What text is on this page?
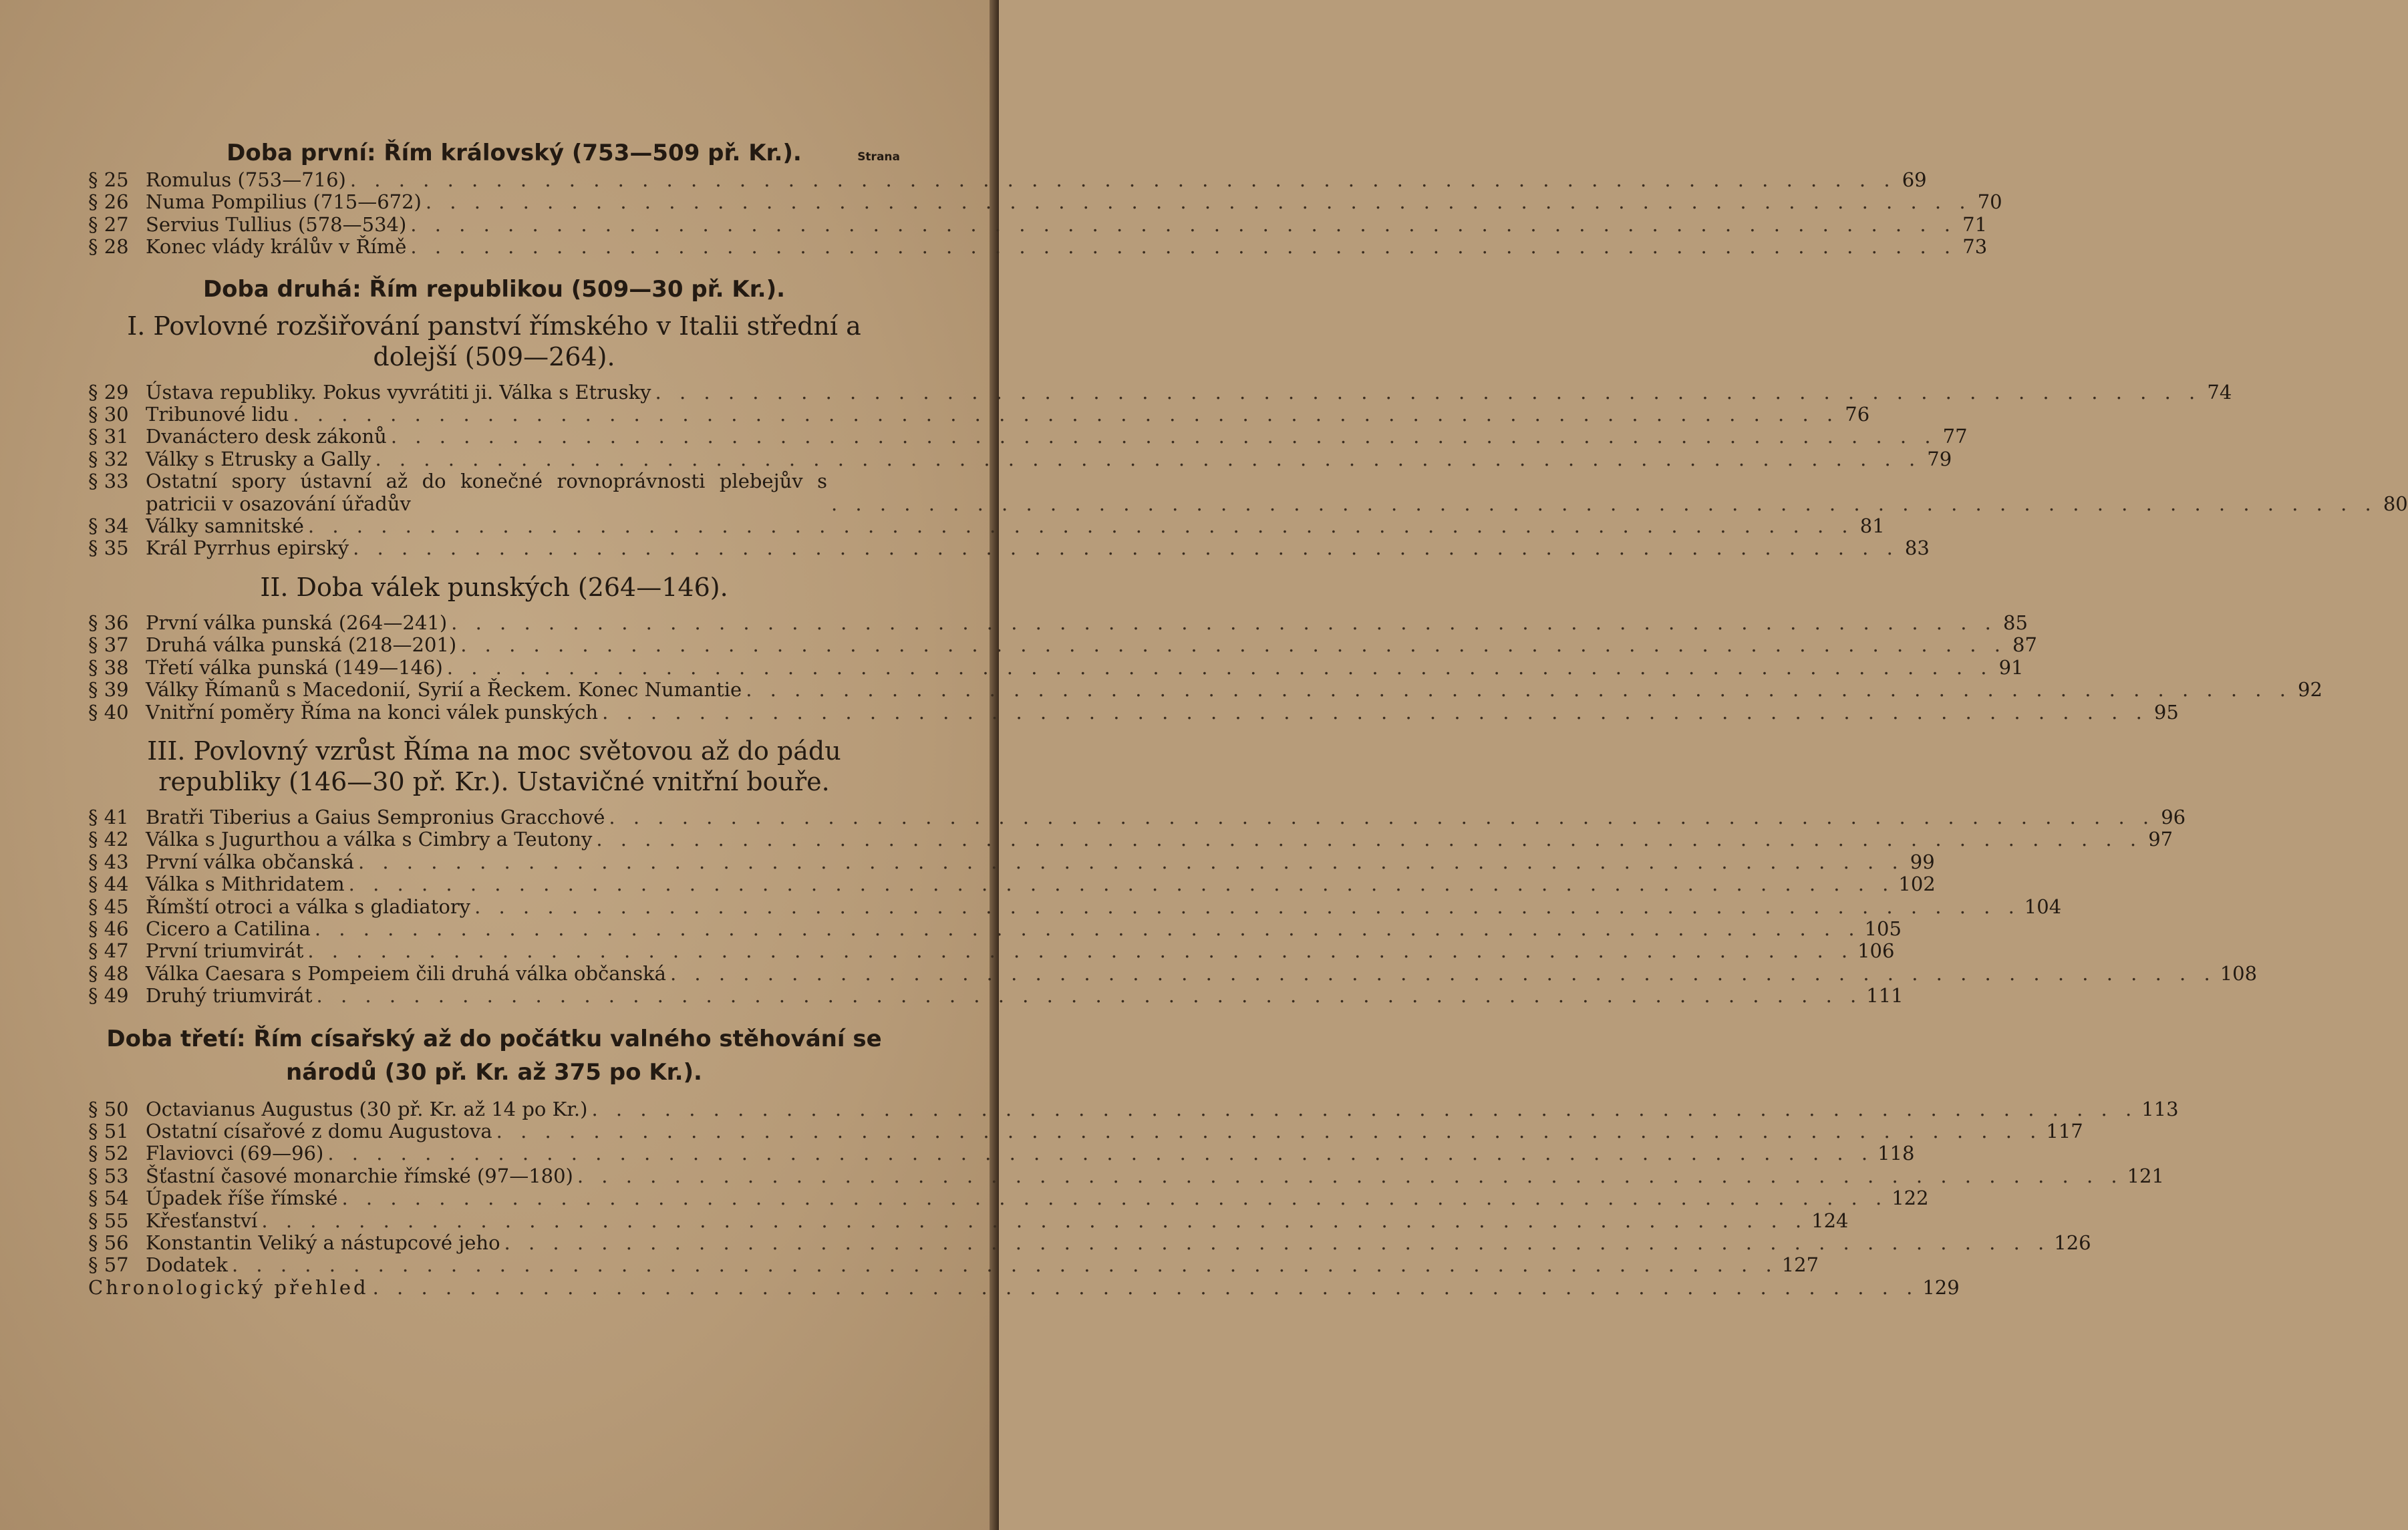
Doba první: Řím královský (753—509 př. Kr.).	Strana
§ 25 Romulus (753—716) . . .	69
§ 26 Numa Pompilius (715—672) . . .	70
§ 27 Servius Tullius (578—534) . . .	71
§ 28 Konec vlády králův v Římě . . .	73
Doba druhá: Řím republikou (509—30 př. Kr.).
I. Povlovné rozšiřování panství římského v Italii střední a dolejší (509—264).
§ 29 Ústava republiky. Pokus vyvrátiti ji. Válka s Etrusky . . .	74
§ 30 Tribunové lidu . . .	76
§ 31 Dvanáctero desk zákonů . . .	77
§ 32 Války s Etrusky a Gally . . .	79
§ 33 Ostatní spory ústavní až do konečné rovnoprávnosti plebejův s patricii v osazování úřadův . . .	80
§ 34 Války samnitské . . .	81
§ 35 Král Pyrrhus epirský . . .	83
II. Doba válek punských (264—146).
§ 36 První válka punská (264—241) . . .	85
§ 37 Druhá válka punská (218—201) . . .	87
§ 38 Třetí válka punská (149—146) . . .	91
§ 39 Války Římanů s Macedonií, Syrií a Řeckem. Konec Numantie . . .	92
§ 40 Vnitřní poměry Říma na konci válek punských . . .	95
III. Povlovný vzrůst Říma na moc světovou až do pádu republiky (146—30 př. Kr.). Ustavičné vnitřní bouře.
§ 41 Bratři Tiberius a Gaius Sempronius Gracchové . . .	96
§ 42 Válka s Jugurthou a válka s Cimbry a Teutony . . .	97
§ 43 První válka občanská . . .	99
§ 44 Válka s Mithridatem . . .	102
§ 45 Římští otroci a válka s gladiatory . . .	104
§ 46 Cicero a Catilina . . .	105
§ 47 První triumvirát . . .	106
§ 48 Válka Caesara s Pompeiem čili druhá válka občanská . . .	108
§ 49 Druhý triumvirát . . .	111
Doba třetí: Řím císařský až do počátku valného stěhování se národů (30 př. Kr. až 375 po Kr.).
§ 50 Octavianus Augustus (30 př. Kr. až 14 po Kr.) . . .	113
§ 51 Ostatní císařové z domu Augustova . . .	117
§ 52 Flaviovci (69—96) . . .	118
§ 53 Šťastní časové monarchie římské (97—180) . . .	121
§ 54 Úpadek říše římské . . .	122
§ 55 Křesťanství . . .	124
§ 56 Konstantin Veliký a nástupcové jeho . . .	126
§ 57 Dodatek . . .	127
Chronologický přehled . . .	129
